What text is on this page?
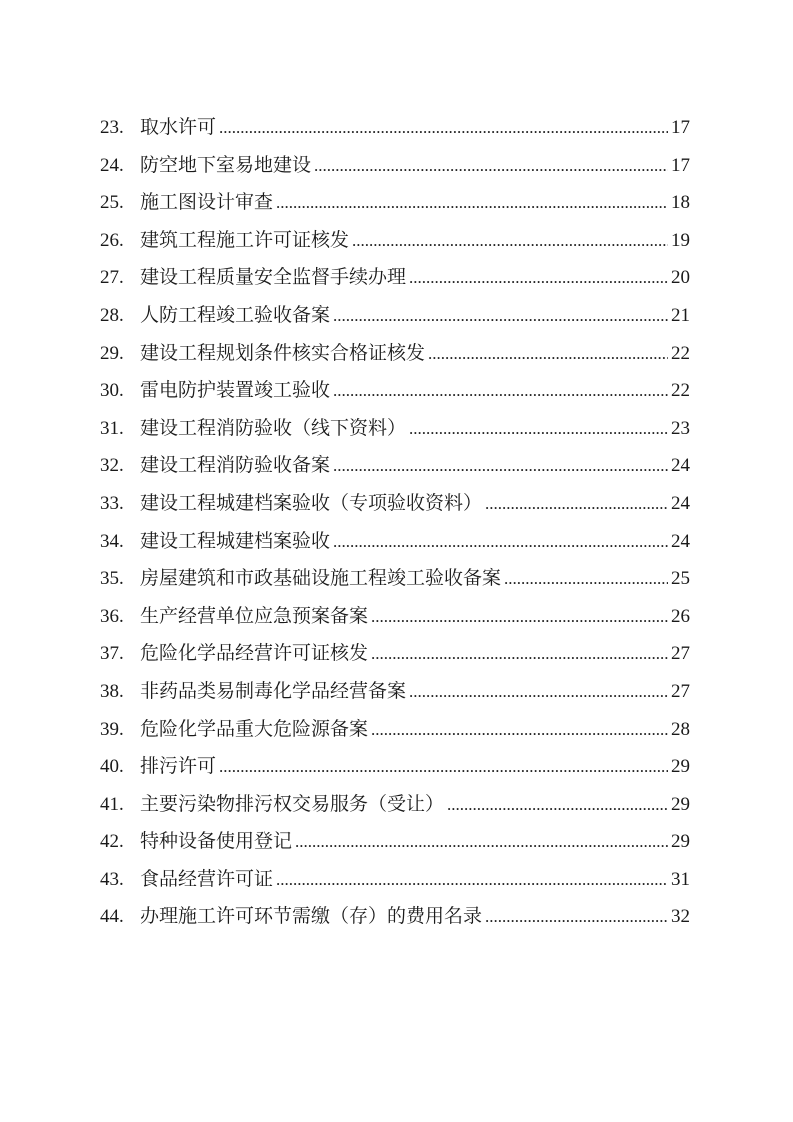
23. 取水许可 .....	17
24. 防空地下室易地建设 .....	17
25. 施工图设计审查 .....	18
26. 建筑工程施工许可证核发 .....	19
27. 建设工程质量安全监督手续办理 .....	20
28. 人防工程竣工验收备案 .....	21
29. 建设工程规划条件核实合格证核发 .....	22
30. 雷电防护装置竣工验收 .....	22
31. 建设工程消防验收（线下资料） .....	23
32. 建设工程消防验收备案 .....	24
33. 建设工程城建档案验收（专项验收资料） .....	24
34. 建设工程城建档案验收 .....	24
35. 房屋建筑和市政基础设施工程竣工验收备案 .....	25
36. 生产经营单位应急预案备案 .....	26
37. 危险化学品经营许可证核发 .....	27
38. 非药品类易制毒化学品经营备案 .....	27
39. 危险化学品重大危险源备案 .....	28
40. 排污许可 .....	29
41. 主要污染物排污权交易服务（受让） .....	29
42. 特种设备使用登记 .....	29
43. 食品经营许可证 .....	31
44. 办理施工许可环节需缴（存）的费用名录 .....	32
